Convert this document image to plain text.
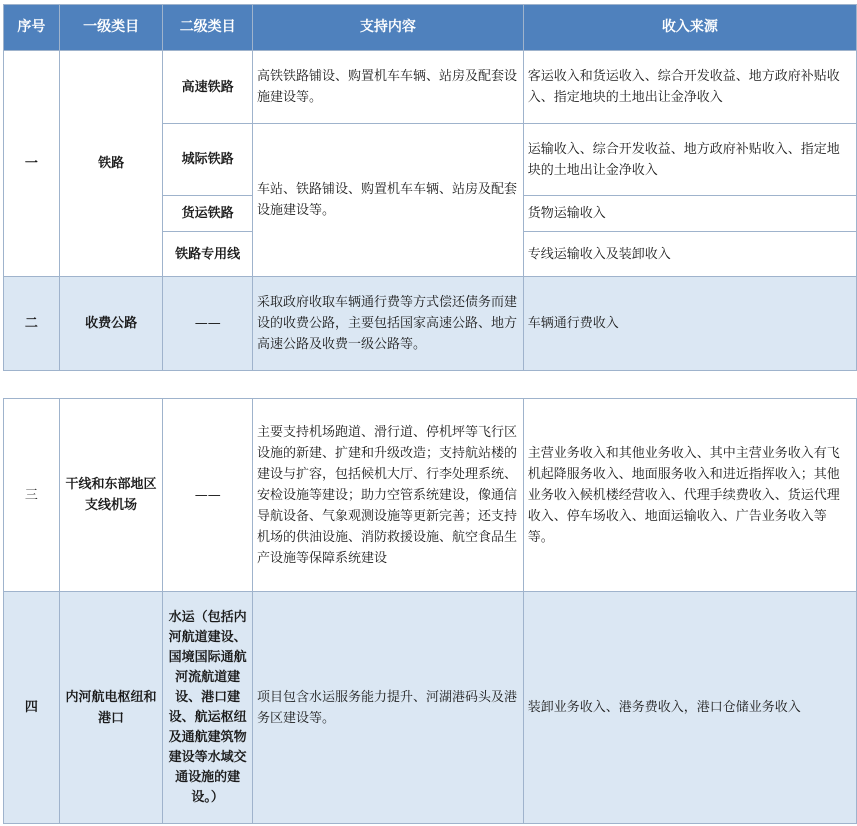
序号	一级类目	二级类目	支持内容	收入来源
一	铁路	高速铁路	高铁铁路铺设、购置机车车辆、站房及配套设施建设等。	客运收入和货运收入、综合开发收益、地方政府补贴收入、指定地块的土地出让金净收入
		城际铁路	车站、铁路铺设、购置机车车辆、站房及配套设施建设等。	运输收入、综合开发收益、地方政府补贴收入、指定地块的土地出让金净收入
		货运铁路		货物运输收入
		铁路专用线		专线运输收入及装卸收入
二	收费公路	——	采取政府收取车辆通行费等方式偿还债务而建设的收费公路，主要包括国家高速公路、地方高速公路及收费一级公路等。	车辆通行费收入
三	干线和东部地区支线机场	——	主要支持机场跑道、滑行道、停机坪等飞行区设施的新建、扩建和升级改造；支持航站楼的建设与扩容，包括候机大厅、行李处理系统、安检设施等建设；助力空管系统建设，像通信导航设备、气象观测设施等更新完善；还支持机场的供油设施、消防救援设施、航空食品生产设施等保障系统建设	主营业务收入和其他业务收入、其中主营业务收入有飞机起降服务收入、地面服务收入和进近指挥收入；其他业务收入候机楼经营收入、代理手续费收入、货运代理收入、停车场收入、地面运输收入、广告业务收入等等。
四	内河航电枢纽和港口	水运（包括内河航道建设、国境国际通航河流航道建设、港口建设、航运枢纽及通航建筑物建设等水域交通设施的建设。）	项目包含水运服务能力提升、河湖港码头及港务区建设等。	装卸业务收入、港务费收入，港口仓储业务收入
